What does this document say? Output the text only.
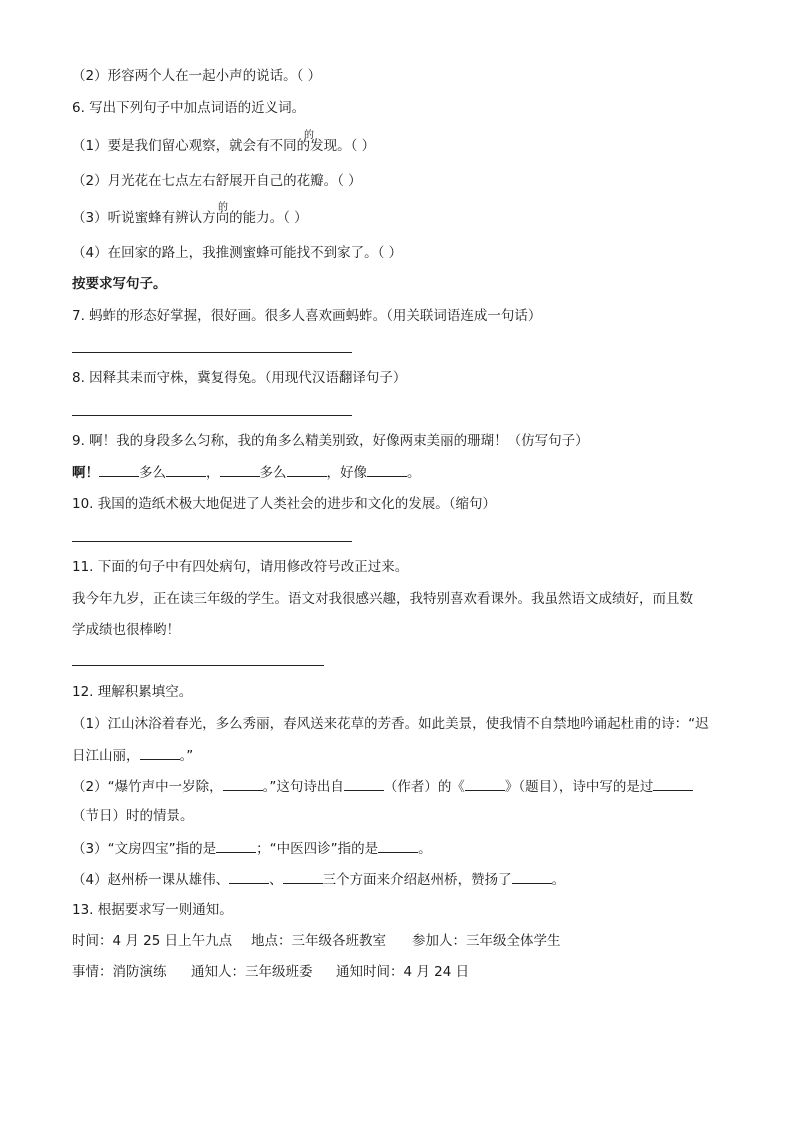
（2）形容两个人在一起小声的说话。（ ）
6. 写出下列句子中加点词语的近义词。
（1）要是我们留心观察，就会有不同的发现。（ ）
（2）月光花在七点左右舒展开自己的花瓣。（ ）
（3）听说蜜蜂有辨认方向的能力。（ ）
（4）在回家的路上，我推测蜜蜂可能找不到家了。（ ）
的
的
按要求写句子。
7. 蚂蚱的形态好掌握，很好画。很多人喜欢画蚂蚱。（用关联词语连成一句话）
8. 因释其耒而守株，冀复得兔。（用现代汉语翻译句子）
9. 啊！我的身段多么匀称，我的角多么精美别致，好像两束美丽的珊瑚！（仿写句子）
啊！	多么	，	多么	，好像	。
10. 我国的造纸术极大地促进了人类社会的进步和文化的发展。（缩句）
11. 下面的句子中有四处病句，请用修改符号改正过来。
我今年九岁，正在读三年级的学生。语文对我很感兴趣，我特别喜欢看课外。我虽然语文成绩好，而且数
学成绩也很棒哟！
12. 理解积累填空。
（1）江山沐浴着春光，多么秀丽，春风送来花草的芳香。如此美景，使我情不自禁地吟诵起杜甫的诗：“迟
日江山丽，	。”
（2）“爆竹声中一岁除，	。”这句诗出自	（作者）的《	》（题目），诗中写的是过
（节日）时的情景。
（3）“文房四宝”指的是	；“中医四诊”指的是	。
（4）赵州桥一课从雄伟、	、	三个方面来介绍赵州桥，赞扬了	。
13. 根据要求写一则通知。
时间：4 月 25 日上午九点 地点：三年级各班教室 参加人：三年级全体学生
事情：消防演练 通知人：三年级班委 通知时间：4 月 24 日
